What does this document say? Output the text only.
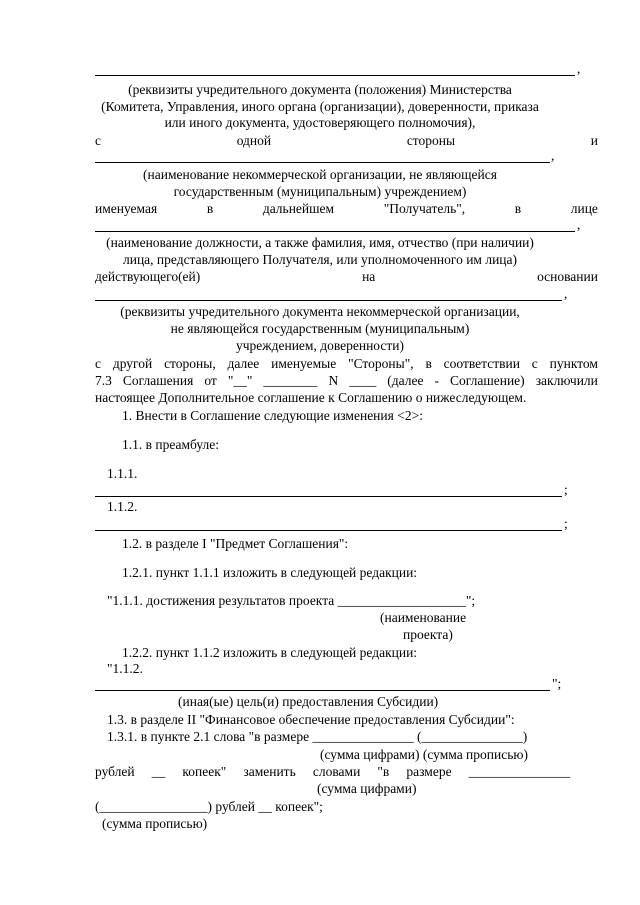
,
(реквизиты учредительного документа (положения) Министерства
(Комитета, Управления, иного органа (организации), доверенности, приказа
или иного документа, удостоверяющего полномочия),
с	одной	стороны	и
,
(наименование некоммерческой организации, не являющейся
государственным (муниципальным) учреждением)
именуемая	в	дальнейшем	"Получатель",	в	лице
,
(наименование должности, а также фамилия, имя, отчество (при наличии)
лица, представляющего Получателя, или уполномоченного им лица)
действующего(ей)	на	основании
,
(реквизиты учредительного документа некоммерческой организации,
не являющейся государственным (муниципальным)
учреждением, доверенности)
с другой стороны, далее именуемые "Стороны", в соответствии с пунктом
7.3 Соглашения от "__" ________ N ____ (далее - Соглашение) заключили
настоящее Дополнительное соглашение к Соглашению о нижеследующем.
1. Внести в Соглашение следующие изменения <2>:
1.1. в преамбуле:
1.1.1.
;
1.1.2.
;
1.2. в разделе I "Предмет Соглашения":
1.2.1. пункт 1.1.1 изложить в следующей редакции:
"1.1.1. достижения результатов проекта ___________________";
(наименование
проекта)
1.2.2. пункт 1.1.2 изложить в следующей редакции:
"1.1.2.
";
(иная(ые) цель(и) предоставления Субсидии)
1.3. в разделе II "Финансовое обеспечение предоставления Субсидии":
1.3.1. в пункте 2.1 слова "в размере _______________ (_______________)
(сумма цифрами) (сумма прописью)
рублей __ копеек" заменить словами "в размере _______________
(сумма цифрами)
(________________) рублей __ копеек";
(сумма прописью)
